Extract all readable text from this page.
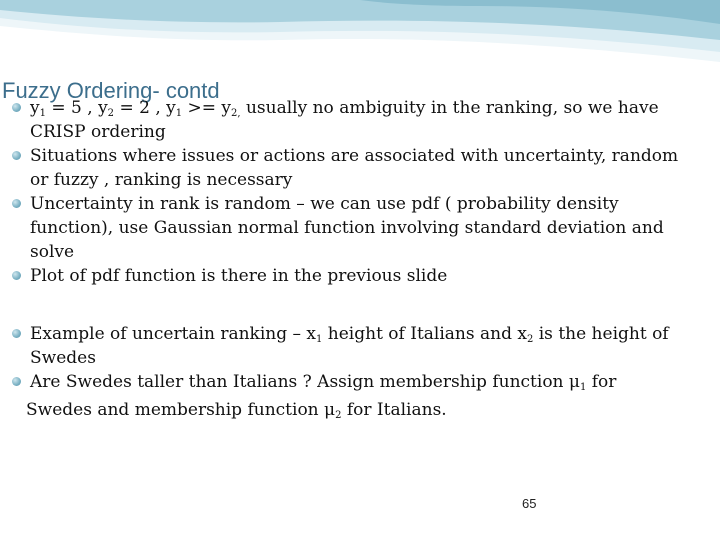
Fuzzy Ordering- contd
$y_1 = 5$ , $y_2 = 2$ , $y_1 >= y_{2,}$ usually no ambiguity in the ranking, so we have CRISP ordering
Situations where issues or actions are associated with uncertainty, random or fuzzy , ranking is necessary
Uncertainty in rank is random – we can use pdf ( probability density function), use Gaussian normal function involving standard deviation and solve
Plot of pdf function is there in the previous slide
Example of uncertain ranking – $x_1$ height of Italians and $x_2$ is the height of Swedes
Are Swedes taller than Italians ? Assign membership function $\mu_1$ for
Swedes and membership function $\mu_2$ for Italians.
65
